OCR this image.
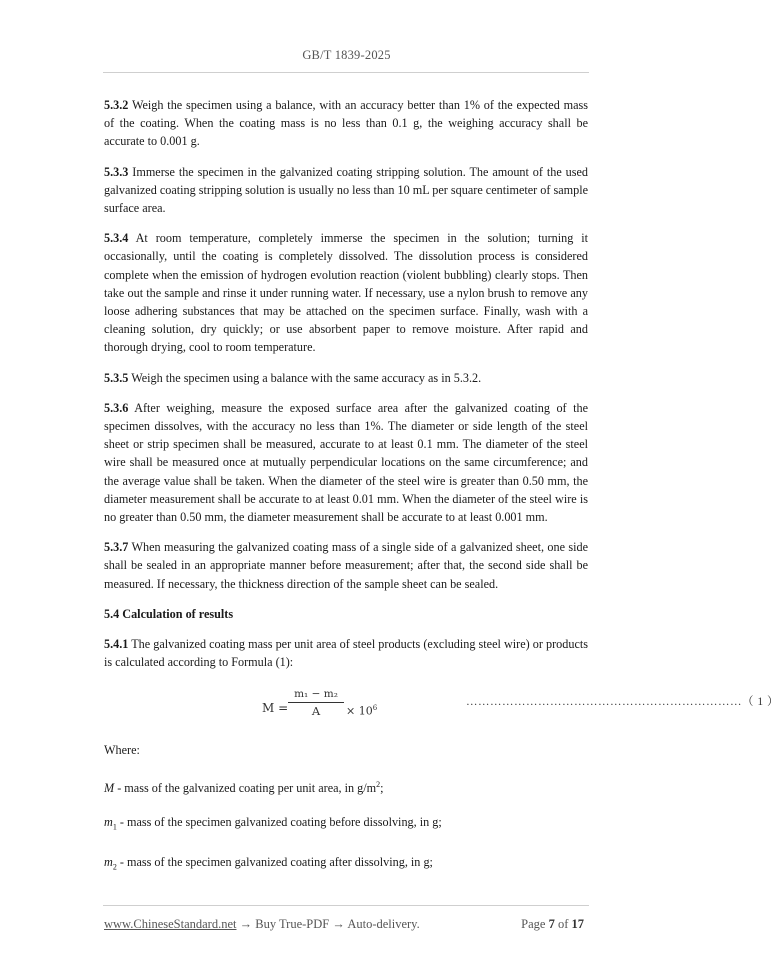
GB/T 1839-2025

5.3.2 Weigh the specimen using a balance, with an accuracy better than 1% of the expected mass of the coating. When the coating mass is no less than 0.1 g, the weighing accuracy shall be accurate to 0.001 g.

5.3.3 Immerse the specimen in the galvanized coating stripping solution. The amount of the used galvanized coating stripping solution is usually no less than 10 mL per square centimeter of sample surface area.

5.3.4 At room temperature, completely immerse the specimen in the solution; turning it occasionally, until the coating is completely dissolved. The dissolution process is considered complete when the emission of hydrogen evolution reaction (violent bubbling) clearly stops. Then take out the sample and rinse it under running water. If necessary, use a nylon brush to remove any loose adhering substances that may be attached on the specimen surface. Finally, wash with a cleaning solution, dry quickly; or use absorbent paper to remove moisture. After rapid and thorough drying, cool to room temperature.

5.3.5 Weigh the specimen using a balance with the same accuracy as in 5.3.2.

5.3.6 After weighing, measure the exposed surface area after the galvanized coating of the specimen dissolves, with the accuracy no less than 1%. The diameter or side length of the steel sheet or strip specimen shall be measured, accurate to at least 0.1 mm. The diameter of the steel wire shall be measured once at mutually perpendicular locations on the same circumference; and the average value shall be taken. When the diameter of the steel wire is greater than 0.50 mm, the diameter measurement shall be accurate to at least 0.01 mm. When the diameter of the steel wire is no greater than 0.50 mm, the diameter measurement shall be accurate to at least 0.001 mm.

5.3.7 When measuring the galvanized coating mass of a single side of a galvanized sheet, one side shall be sealed in an appropriate manner before measurement; after that, the second side shall be measured. If necessary, the thickness direction of the sample sheet can be sealed.

5.4 Calculation of results

5.4.1 The galvanized coating mass per unit area of steel products (excluding steel wire) or products is calculated according to Formula (1):

M =
m₁ − m₂
A	× $10^6$	……………………………………………………………（ 1 ）

Where:

M - mass of the galvanized coating per unit area, in $g/m^2$;

$m_1$ - mass of the specimen galvanized coating before dissolving, in g;

$m_2$ - mass of the specimen galvanized coating after dissolving, in g;

www.ChineseStandard.net → Buy True-PDF → Auto-delivery.	Page 7 of 17
